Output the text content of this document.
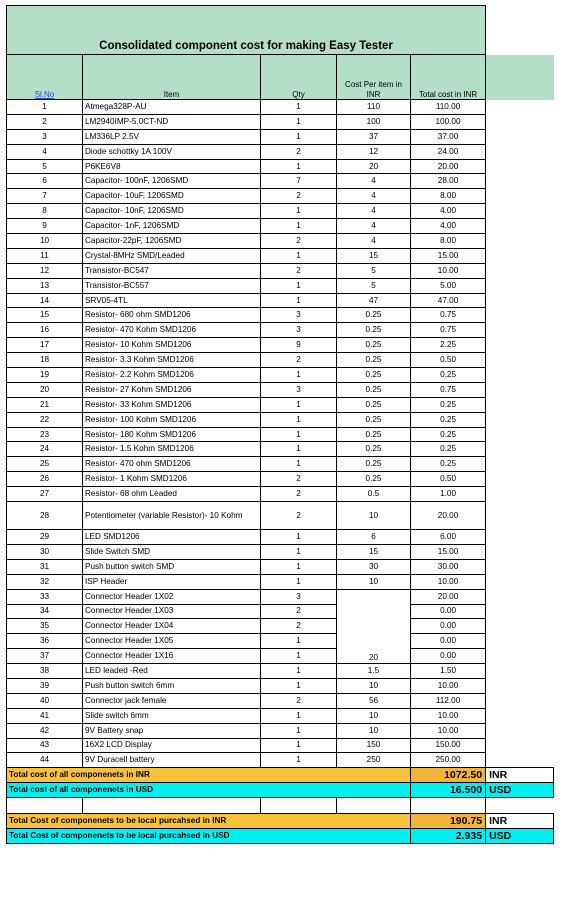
Consolidated component cost for making Easy Tester					
Sl.No	Item	Qty	Cost Per item in INR	Total cost in INR	
1	Atmega328P-AU	1	110	110.00	
2	LM2940IMP-5.0CT-ND	1	100	100.00	
3	LM336LP 2.5V	1	37	37.00	
4	Diode schottky 1A 100V	2	12	24.00	
5	P6KE6V8	1	20	20.00	
6	Capacitor- 100nF, 1206SMD	7	4	28.00	
7	Capacitor- 10uF, 1206SMD	2	4	8.00	
8	Capacitor- 10nF, 1206SMD	1	4	4.00	
9	Capacitor- 1nF, 1206SMD	1	4	4.00	
10	Capacitor-22pF, 1206SMD	2	4	8.00	
11	Crystal-8MHz SMD/Leaded	1	15	15.00	
12	Transistor-BC547	2	5	10.00	
13	Transistor-BC557	1	5	5.00	
14	SRV05-4TL	1	47	47.00	
15	Resistor- 680 ohm SMD1206	3	0.25	0.75	
16	Resistor- 470 Kohm SMD1206	3	0.25	0.75	
17	Resistor- 10 Kohm SMD1206	9	0.25	2.25	
18	Resistor- 3.3 Kohm SMD1206	2	0.25	0.50	
19	Resistor- 2.2 Kohm SMD1206	1	0.25	0.25	
20	Resistor- 27 Kohm SMD1206	3	0.25	0.75	
21	Resistor- 33 Kohm SMD1206	1	0.25	0.25	
22	Resistor- 100 Kohm SMD1206	1	0.25	0.25	
23	Resistor- 180 Kohm SMD1206	1	0.25	0.25	
24	Resistor- 1.5 Kohm SMD1206	1	0.25	0.25	
25	Resistor- 470 ohm SMD1206	1	0.25	0.25	
26	Resistor- 1 Kohm SMD1206	2	0.25	0.50	
27	Resistor- 68 ohm Leaded	2	0.5	1.00	
28	Potentiometer (variable Resistor)- 10 Kohm	2	10	20.00	
29	LED SMD1206	1	6	6.00	
30	Slide Switch SMD	1	15	15.00	
31	Push button switch SMD	1	30	30.00	
32	ISP Header	1	10	10.00	
33	Connector Header 1X02	3	20	20.00	
34	Connector Header 1X03	2		0.00	
35	Connector Header 1X04	2		0.00	
36	Connector Header 1X05	1		0.00	
37	Connector Header 1X16	1		0.00	
38	LED leaded -Red	1	1.5	1.50	
39	Push button switch 6mm	1	10	10.00	
40	Connector jack female	2	56	112.00	
41	Slide switch 6mm	1	10	10.00	
42	9V Battery snap	1	10	10.00	
43	16X2 LCD Display	1	150	150.00	
44	9V Duracell battery	1	250	250.00	
Total cost of all componenets in INR				1072.50	INR
Total cost of all componenets in USD				16.500	USD

Total Cost of componenets to be local purcahsed in INR				190.75	INR
Total Cost of componenets to be local purcahsed in USD				2.935	USD
